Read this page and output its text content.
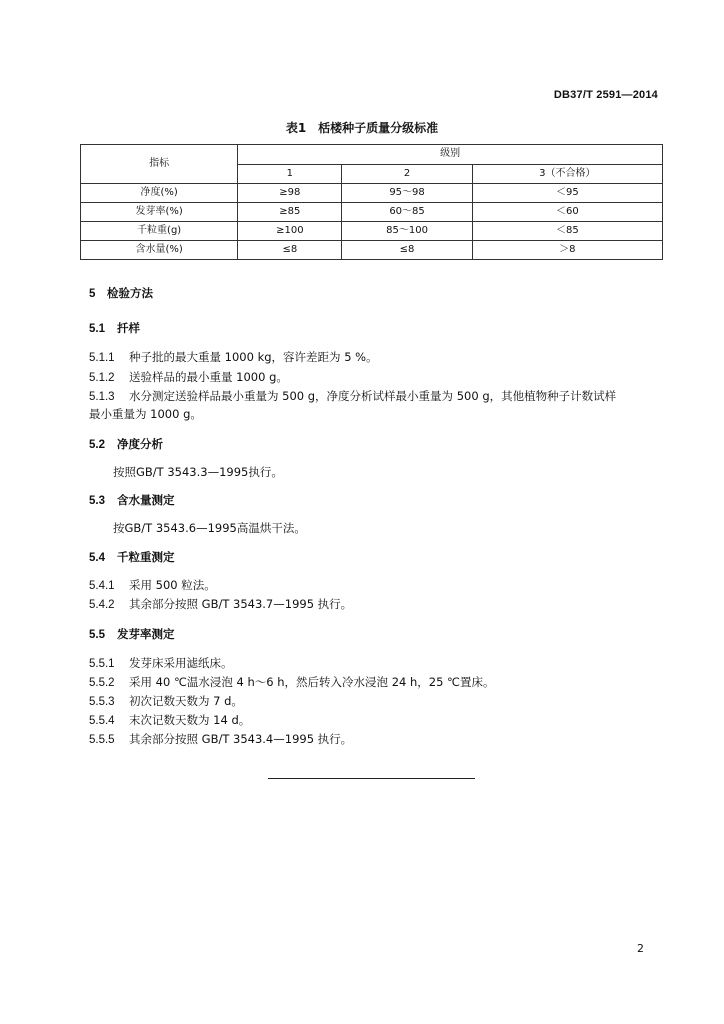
DB37/T 2591—2014
表1　栝楼种子质量分级标准
指标	级别		
	1	2	3（不合格）
净度(%)	≥98	95～98	＜95
发芽率(%)	≥85	60～85	＜60
千粒重(g)	≥100	85～100	＜85
含水量(%)	≤8	≤8	＞8
5 检验方法
5.1 扦样
5.1.1 种子批的最大重量 1000 kg，容许差距为 5 %。
5.1.2 送验样品的最小重量 1000 g。
5.1.3 水分测定送验样品最小重量为 500 g，净度分析试样最小重量为 500 g，其他植物种子计数试样
最小重量为 1000 g。
5.2 净度分析
按照GB/T 3543.3—1995执行。
5.3 含水量测定
按GB/T 3543.6—1995高温烘干法。
5.4 千粒重测定
5.4.1 采用 500 粒法。
5.4.2 其余部分按照 GB/T 3543.7—1995 执行。
5.5 发芽率测定
5.5.1 发芽床采用滤纸床。
5.5.2 采用 40 ℃温水浸泡 4 h～6 h，然后转入冷水浸泡 24 h，25 ℃置床。
5.5.3 初次记数天数为 7 d。
5.5.4 末次记数天数为 14 d。
5.5.5 其余部分按照 GB/T 3543.4—1995 执行。
2
